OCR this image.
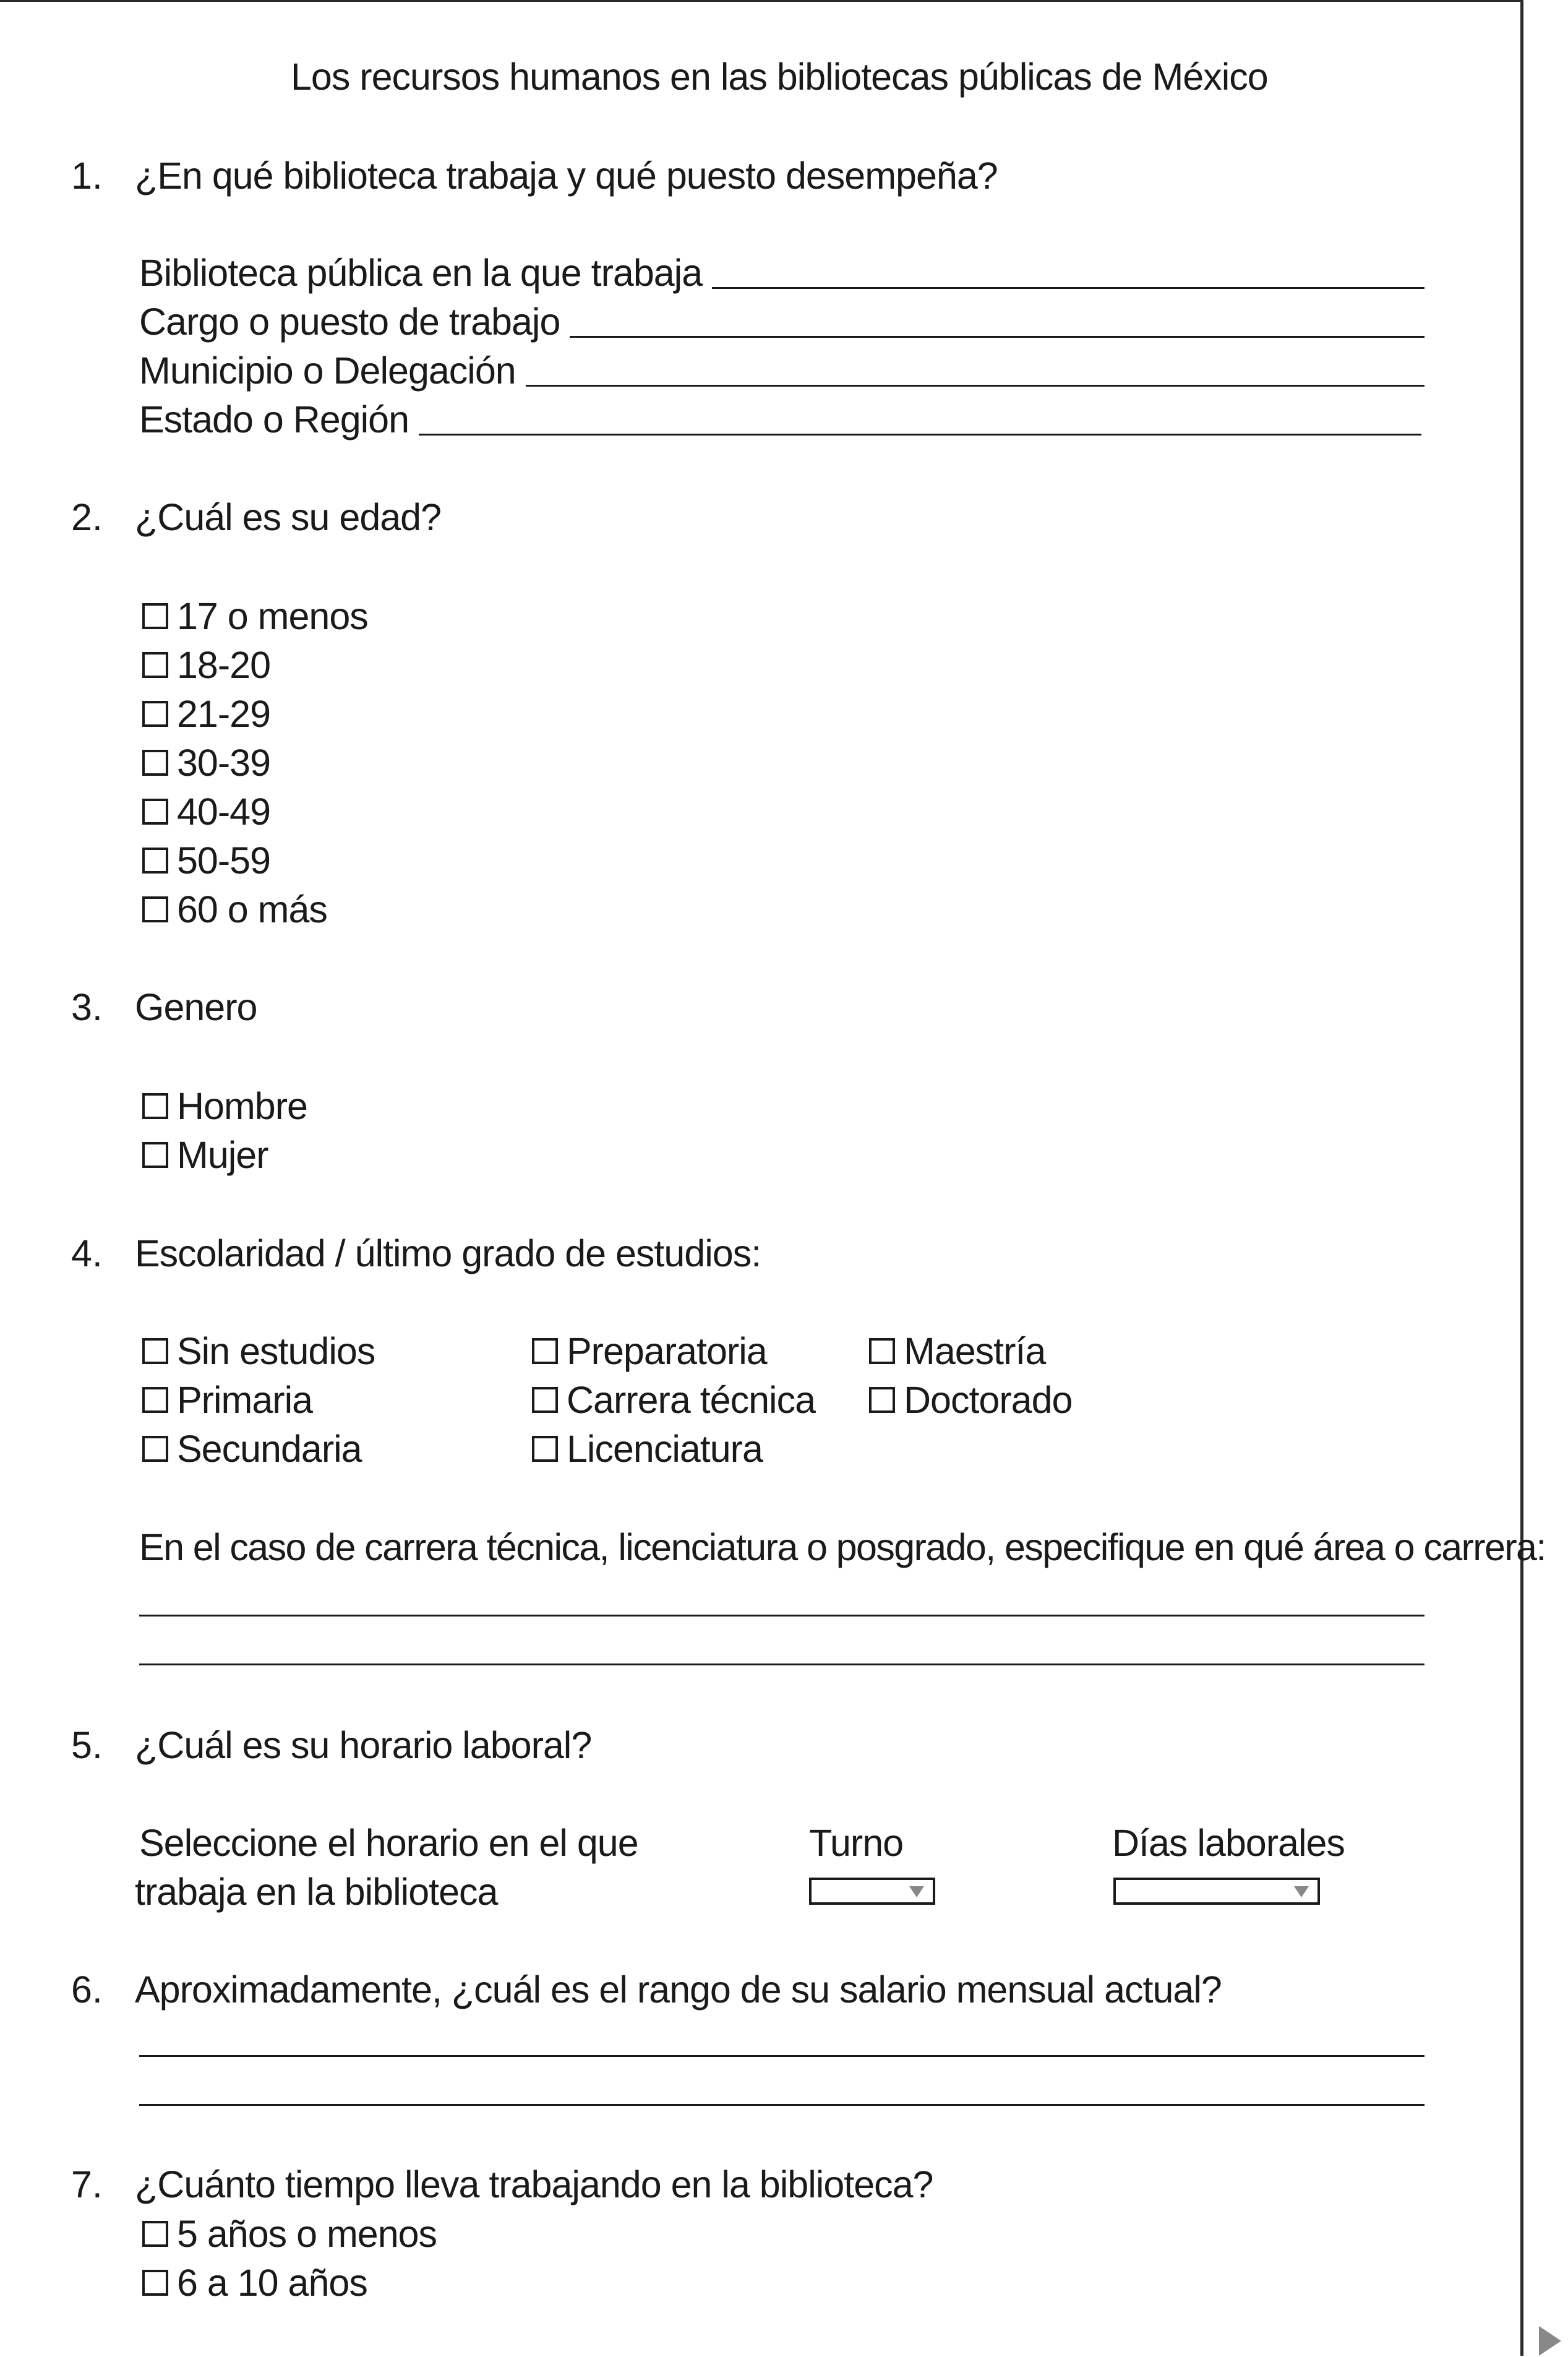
Los recursos humanos en las bibliotecas públicas de México
1. ¿En qué biblioteca trabaja y qué puesto desempeña?
Biblioteca pública en la que trabaja
Cargo o puesto de trabajo
Municipio o Delegación
Estado o Región
2. ¿Cuál es su edad?
17 o menos
18-20
21-29
30-39
40-49
50-59
60 o más
3. Genero
Hombre
Mujer
4. Escolaridad / último grado de estudios:
Sin estudios
Primaria
Secundaria
Preparatoria
Carrera técnica
Licenciatura
Maestría
Doctorado
En el caso de carrera técnica, licenciatura o posgrado, especifique en qué área o carrera:
5. ¿Cuál es su horario laboral?
Seleccione el horario en el que
trabaja en la biblioteca
Turno	Días laborales
6. Aproximadamente, ¿cuál es el rango de su salario mensual actual?
7. ¿Cuánto tiempo lleva trabajando en la biblioteca?
5 años o menos
6 a 10 años
